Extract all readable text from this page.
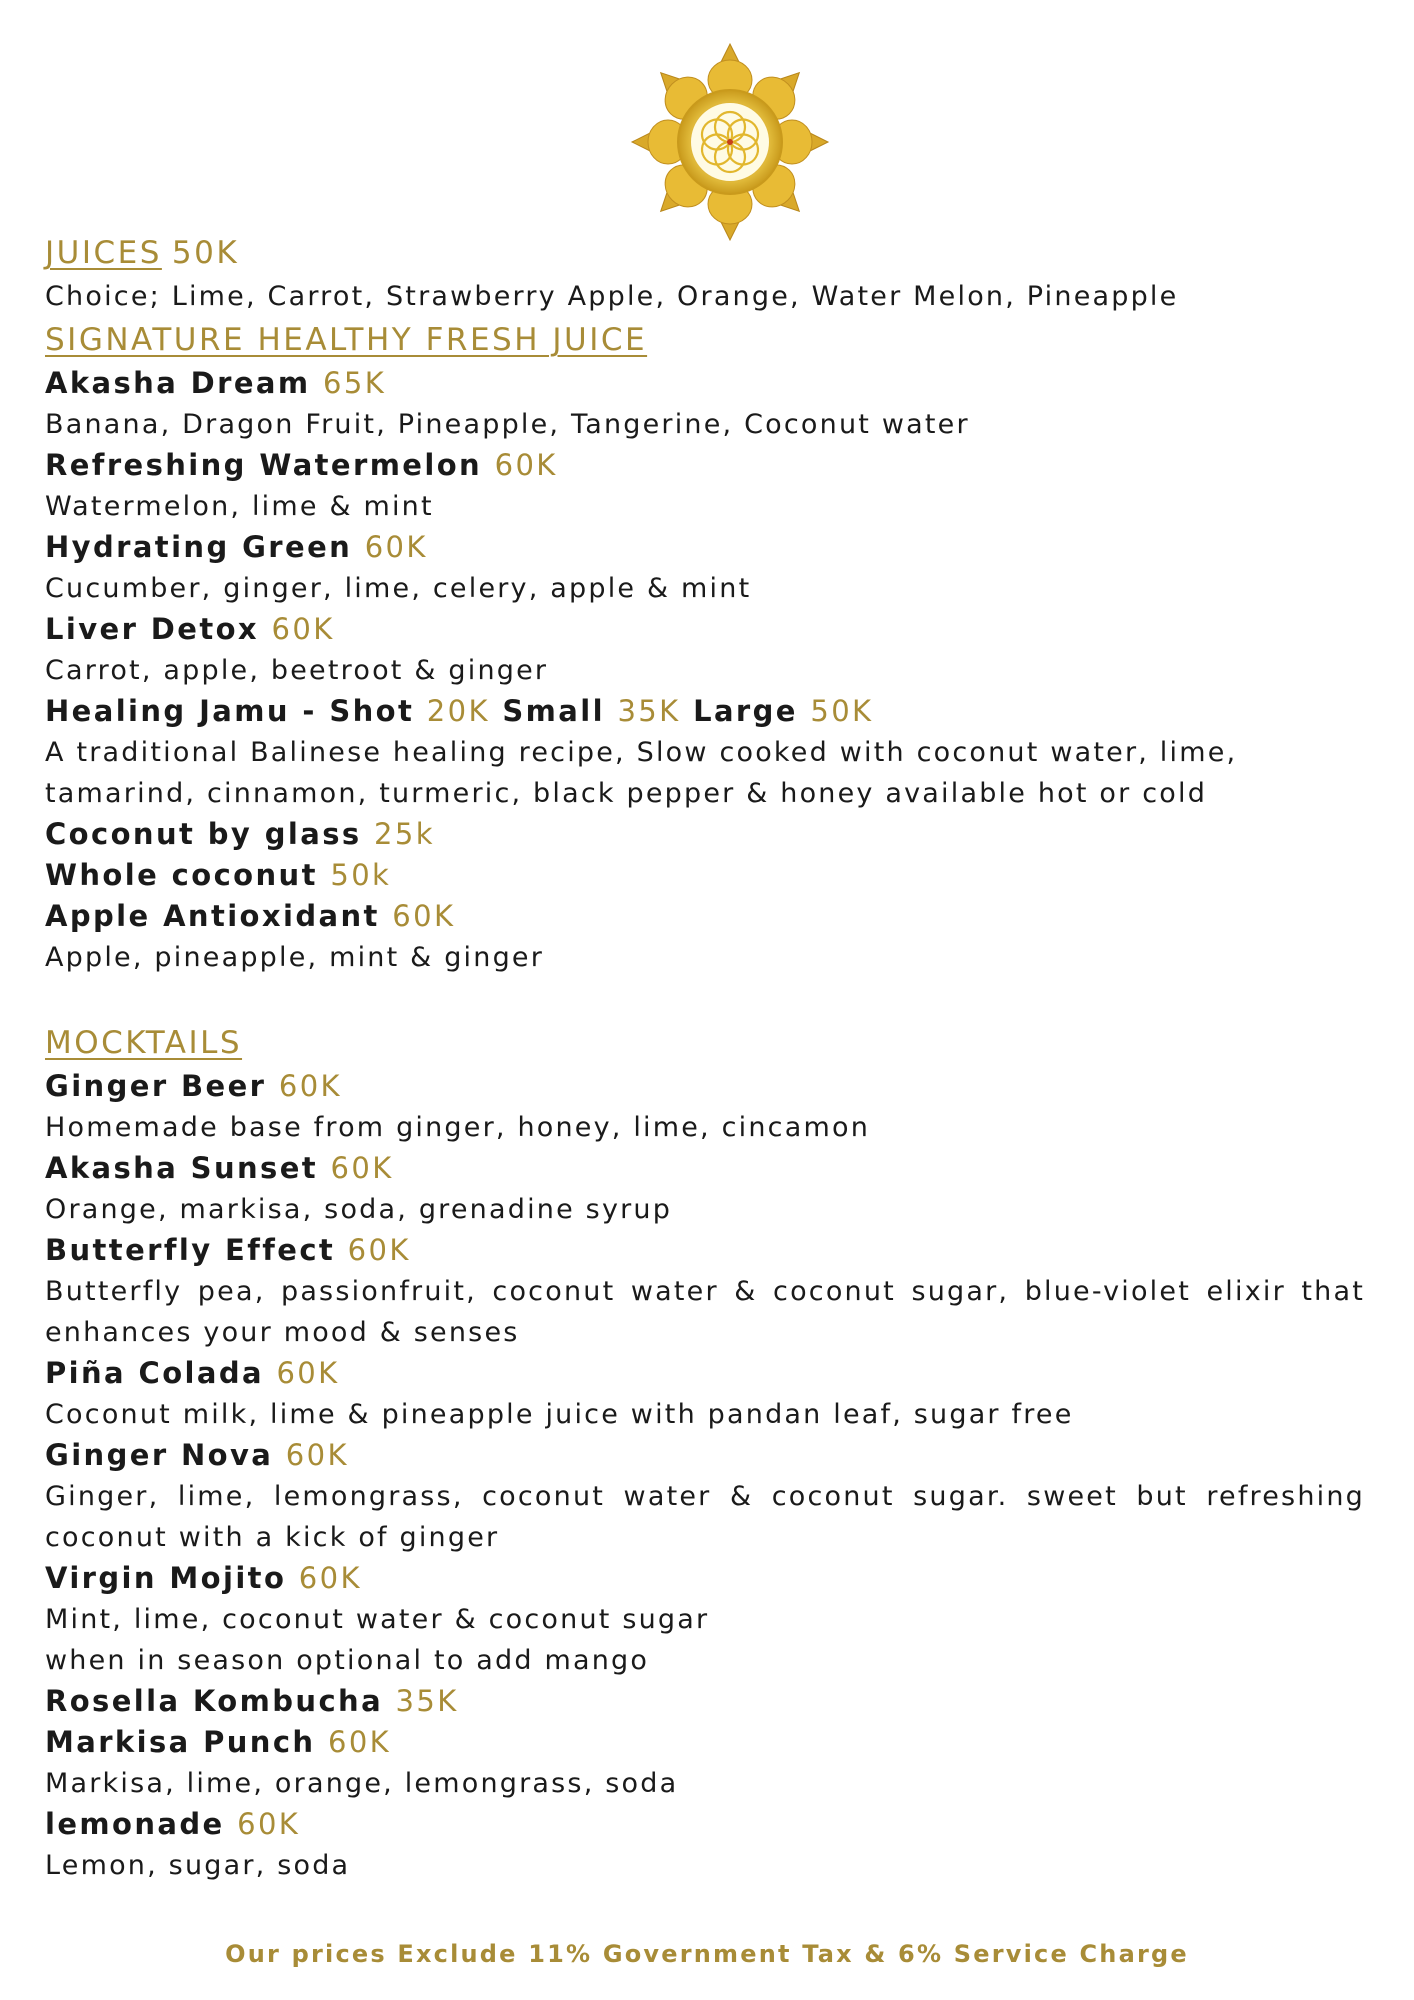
JUICES 50K
Choice; Lime, Carrot, Strawberry Apple, Orange, Water Melon, Pineapple
SIGNATURE HEALTHY FRESH JUICE
Akasha Dream 65K
Banana, Dragon Fruit, Pineapple, Tangerine, Coconut water
Refreshing Watermelon 60K
Watermelon, lime & mint
Hydrating Green 60K
Cucumber, ginger, lime, celery, apple & mint
Liver Detox 60K
Carrot, apple, beetroot & ginger
Healing Jamu - Shot 20K Small 35K Large 50K
A traditional Balinese healing recipe, Slow cooked with coconut water, lime, tamarind, cinnamon, turmeric, black pepper & honey available hot or cold
Coconut by glass 25k
Whole coconut 50k
Apple Antioxidant 60K
Apple, pineapple, mint & ginger
MOCKTAILS
Ginger Beer 60K
Homemade base from ginger, honey, lime, cincamon
Akasha Sunset 60K
Orange, markisa, soda, grenadine syrup
Butterfly Effect 60K
Butterfly pea, passionfruit, coconut water & coconut sugar, blue-violet elixir that enhances your mood & senses
Piña Colada 60K
Coconut milk, lime & pineapple juice with pandan leaf, sugar free
Ginger Nova 60K
Ginger, lime, lemongrass, coconut water & coconut sugar. sweet but refreshing coconut with a kick of ginger
Virgin Mojito 60K
Mint, lime, coconut water & coconut sugar
when in season optional to add mango
Rosella Kombucha 35K
Markisa Punch 60K
Markisa, lime, orange, lemongrass, soda
lemonade 60K
Lemon, sugar, soda
Our prices Exclude 11% Government Tax & 6% Service Charge
